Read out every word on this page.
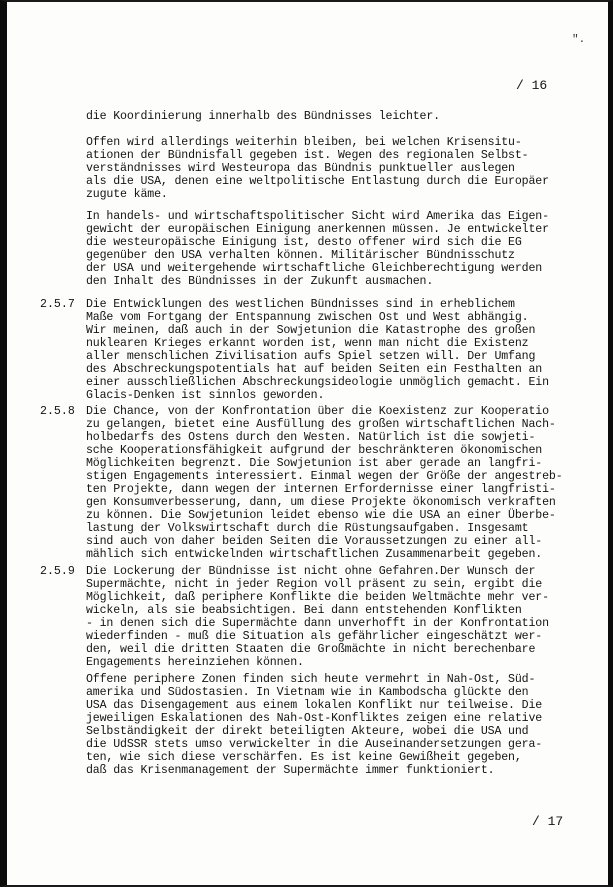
".
/ 16

die Koordinierung innerhalb des Bündnisses leichter.

Offen wird allerdings weiterhin bleiben, bei welchen Krisensitu-
ationen der Bündnisfall gegeben ist. Wegen des regionalen Selbst-
verständnisses wird Westeuropa das Bündnis punktueller auslegen
als die USA, denen eine weltpolitische Entlastung durch die Europäer
zugute käme.

In handels- und wirtschaftspolitischer Sicht wird Amerika das Eigen-
gewicht der europäischen Einigung anerkennen müssen. Je entwickelter
die westeuropäische Einigung ist, desto offener wird sich die EG
gegenüber den USA verhalten können. Militärischer Bündnisschutz
der USA und weitergehende wirtschaftliche Gleichberechtigung werden
den Inhalt des Bündnisses in der Zukunft ausmachen.

2.5.7 Die Entwicklungen des westlichen Bündnisses sind in erheblichem
Maße vom Fortgang der Entspannung zwischen Ost und West abhängig.
Wir meinen, daß auch in der Sowjetunion die Katastrophe des großen
nuklearen Krieges erkannt worden ist, wenn man nicht die Existenz
aller menschlichen Zivilisation aufs Spiel setzen will. Der Umfang
des Abschreckungspotentials hat auf beiden Seiten ein Festhalten an
einer ausschließlichen Abschreckungsideologie unmöglich gemacht. Ein
Glacis-Denken ist sinnlos geworden.

2.5.8 Die Chance, von der Konfrontation über die Koexistenz zur Kooperatio
zu gelangen, bietet eine Ausfüllung des großen wirtschaftlichen Nach-
holbedarfs des Ostens durch den Westen. Natürlich ist die sowjeti-
sche Kooperationsfähigkeit aufgrund der beschränkteren ökonomischen
Möglichkeiten begrenzt. Die Sowjetunion ist aber gerade an langfri-
stigen Engagements interessiert. Einmal wegen der Größe der angestreb-
ten Projekte, dann wegen der internen Erfordernisse einer langfristi-
gen Konsumverbesserung, dann, um diese Projekte ökonomisch verkraften
zu können. Die Sowjetunion leidet ebenso wie die USA an einer Überbe-
lastung der Volkswirtschaft durch die Rüstungsaufgaben. Insgesamt
sind auch von daher beiden Seiten die Voraussetzungen zu einer all-
mählich sich entwickelnden wirtschaftlichen Zusammenarbeit gegeben.

2.5.9 Die Lockerung der Bündnisse ist nicht ohne Gefahren.Der Wunsch der
Supermächte, nicht in jeder Region voll präsent zu sein, ergibt die
Möglichkeit, daß periphere Konflikte die beiden Weltmächte mehr ver-
wickeln, als sie beabsichtigen. Bei dann entstehenden Konflikten
- in denen sich die Supermächte dann unverhofft in der Konfrontation
wiederfinden - muß die Situation als gefährlicher eingeschätzt wer-
den, weil die dritten Staaten die Großmächte in nicht berechenbare
Engagements hereinziehen können.

Offene periphere Zonen finden sich heute vermehrt in Nah-Ost, Süd-
amerika und Südostasien. In Vietnam wie in Kambodscha glückte den
USA das Disengagement aus einem lokalen Konflikt nur teilweise. Die
jeweiligen Eskalationen des Nah-Ost-Konfliktes zeigen eine relative
Selbständigkeit der direkt beteiligten Akteure, wobei die USA und
die UdSSR stets umso verwickelter in die Auseinandersetzungen gera-
ten, wie sich diese verschärfen. Es ist keine Gewißheit gegeben,
daß das Krisenmanagement der Supermächte immer funktioniert.

/ 17
